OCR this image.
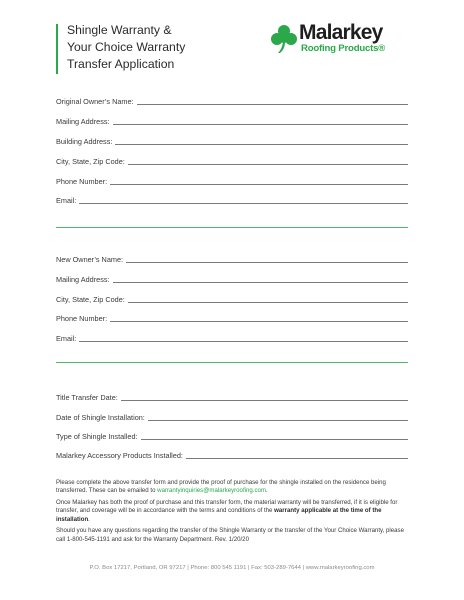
Shingle Warranty &
Your Choice Warranty
Transfer Application
Malarkey
Roofing Products®
Original Owner’s Name:
Mailing Address:
Building Address:
City, State, Zip Code:
Phone Number:
Email:
New Owner’s Name:
Mailing Address:
City, State, Zip Code:
Phone Number:
Email:
Title Transfer Date:
Date of Shingle Installation:
Type of Shingle Installed:
Malarkey Accessory Products Installed:

Please complete the above transfer form and provide the proof of purchase for the shingle installed on the residence being transferred. These can be emailed to warrantyinquiries@malarkeyroofing.com.

Once Malarkey has both the proof of purchase and this transfer form, the material warranty will be transferred, if it is eligible for transfer, and coverage will be in accordance with the terms and conditions of the warranty applicable at the time of the installation.

Should you have any questions regarding the transfer of the Shingle Warranty or the transfer of the Your Choice Warranty, please call 1-800-545-1191 and ask for the Warranty Department. Rev. 1/20/20

P.O. Box 17217, Portland, OR 97217 | Phone: 800 545 1191 | Fax: 503-289-7644 | www.malarkeyroofing.com
